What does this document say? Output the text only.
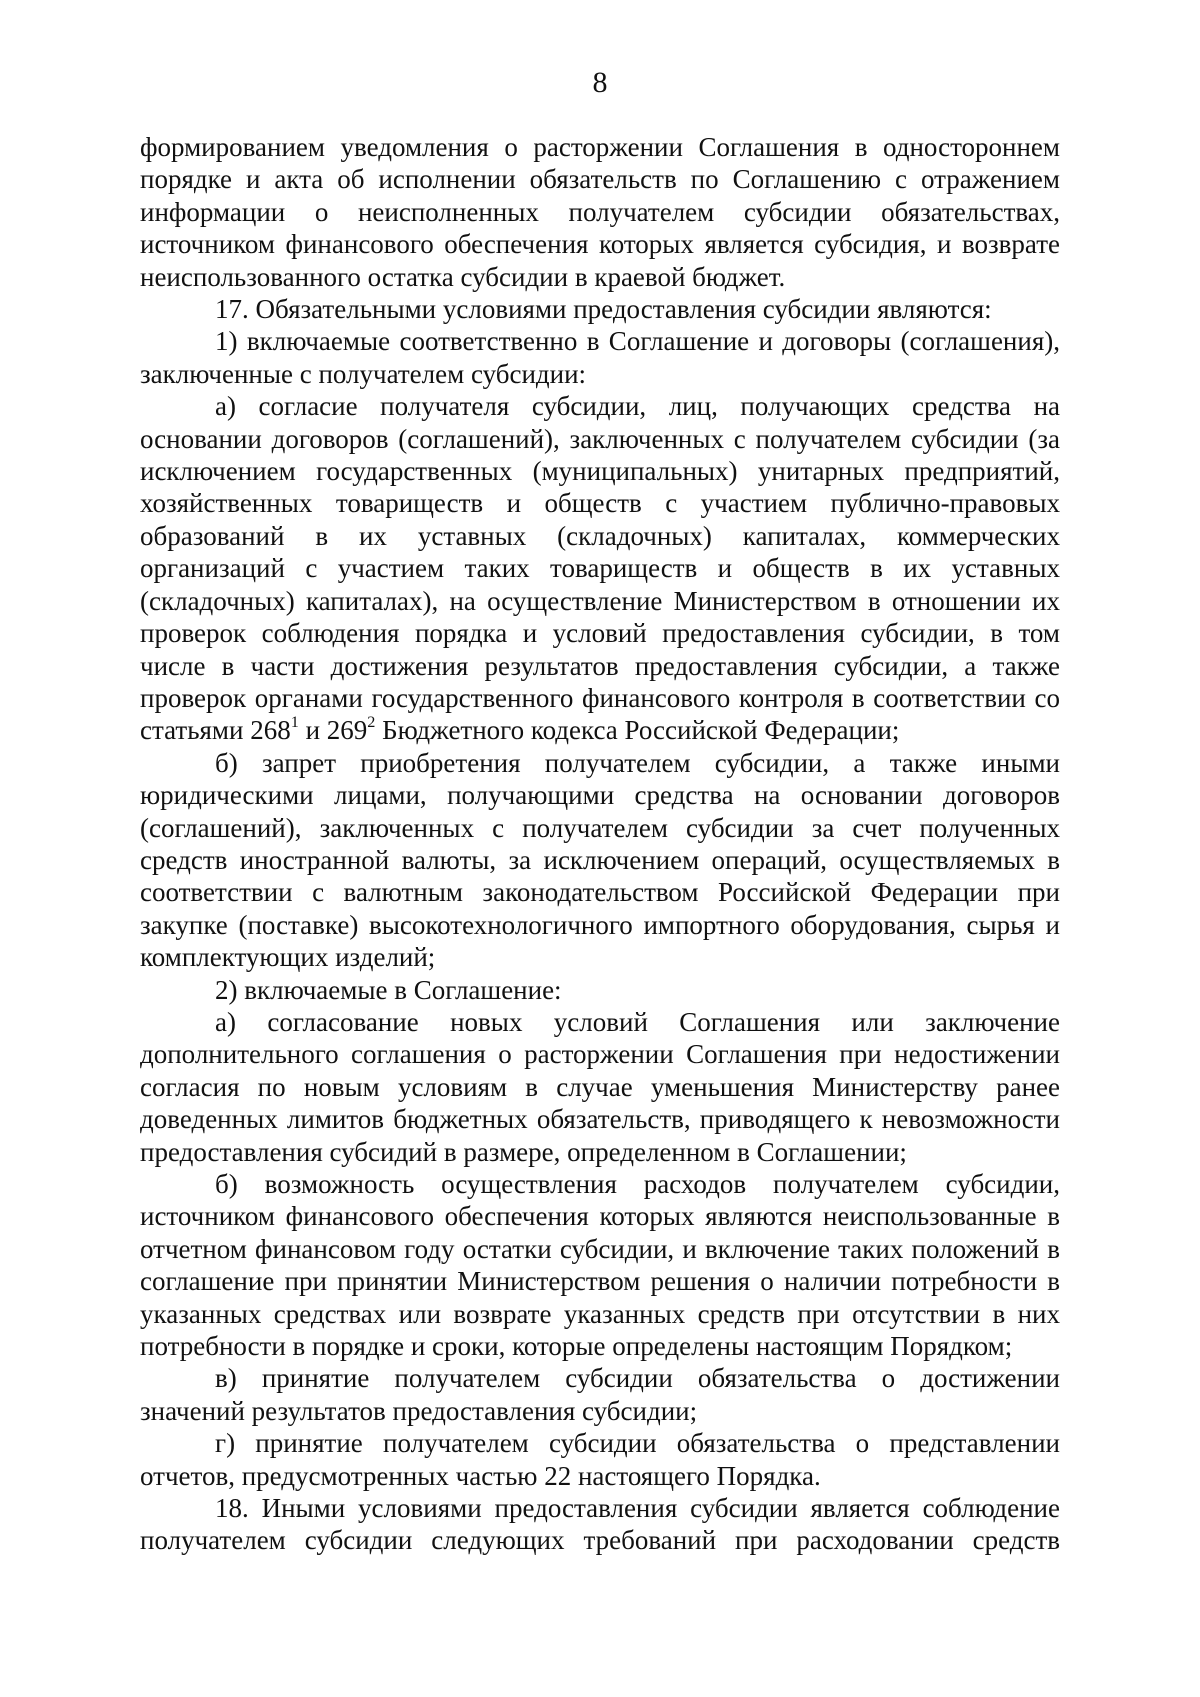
8

формированием уведомления о расторжении Соглашения в одностороннем порядке и акта об исполнении обязательств по Соглашению с отражением информации о неисполненных получателем субсидии обязательствах, источником финансового обеспечения которых является субсидия, и возврате неиспользованного остатка субсидии в краевой бюджет.

17. Обязательными условиями предоставления субсидии являются:

1) включаемые соответственно в Соглашение и договоры (соглашения), заключенные с получателем субсидии:

а) согласие получателя субсидии, лиц, получающих средства на основании договоров (соглашений), заключенных с получателем субсидии (за исключением государственных (муниципальных) унитарных предприятий, хозяйственных товариществ и обществ с участием публично-правовых образований в их уставных (складочных) капиталах, коммерческих организаций с участием таких товариществ и обществ в их уставных (складочных) капиталах), на осуществление Министерством в отношении их проверок соблюдения порядка и условий предоставления субсидии, в том числе в части достижения результатов предоставления субсидии, а также проверок органами государственного финансового контроля в соответствии со статьями $268^1$ и $269^2$ Бюджетного кодекса Российской Федерации;

б) запрет приобретения получателем субсидии, а также иными юридическими лицами, получающими средства на основании договоров (соглашений), заключенных с получателем субсидии за счет полученных средств иностранной валюты, за исключением операций, осуществляемых в соответствии с валютным законодательством Российской Федерации при закупке (поставке) высокотехнологичного импортного оборудования, сырья и комплектующих изделий;

2) включаемые в Соглашение:

а) согласование новых условий Соглашения или заключение дополнительного соглашения о расторжении Соглашения при недостижении согласия по новым условиям в случае уменьшения Министерству ранее доведенных лимитов бюджетных обязательств, приводящего к невозможности предоставления субсидий в размере, определенном в Соглашении;

б) возможность осуществления расходов получателем субсидии, источником финансового обеспечения которых являются неиспользованные в отчетном финансовом году остатки субсидии, и включение таких положений в соглашение при принятии Министерством решения о наличии потребности в указанных средствах или возврате указанных средств при отсутствии в них потребности в порядке и сроки, которые определены настоящим Порядком;

в) принятие получателем субсидии обязательства о достижении значений результатов предоставления субсидии;

г) принятие получателем субсидии обязательства о представлении отчетов, предусмотренных частью 22 настоящего Порядка.

18. Иными условиями предоставления субсидии является соблюдение получателем субсидии следующих требований при расходовании средств
